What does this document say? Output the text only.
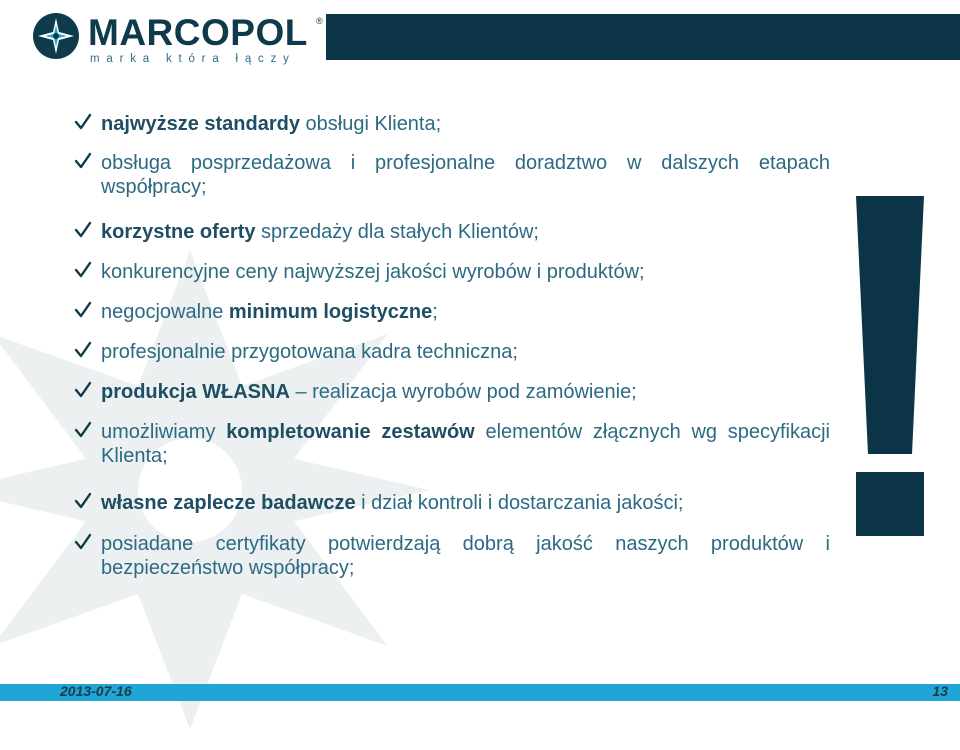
MARCOPOL ®
marka która łączy
najwyższe standardy obsługi Klienta;
obsługa posprzedażowa i profesjonalne doradztwo w dalszych etapach współpracy;
korzystne oferty sprzedaży dla stałych Klientów;
konkurencyjne ceny najwyższej jakości wyrobów i produktów;
negocjowalne minimum logistyczne;
profesjonalnie przygotowana kadra techniczna;
produkcja WŁASNA – realizacja wyrobów pod zamówienie;
umożliwiamy kompletowanie zestawów elementów złącznych wg specyfikacji Klienta;
własne zaplecze badawcze i dział kontroli i dostarczania jakości;
posiadane certyfikaty potwierdzają dobrą jakość naszych produktów i bezpieczeństwo współpracy;
2013-07-16	13
